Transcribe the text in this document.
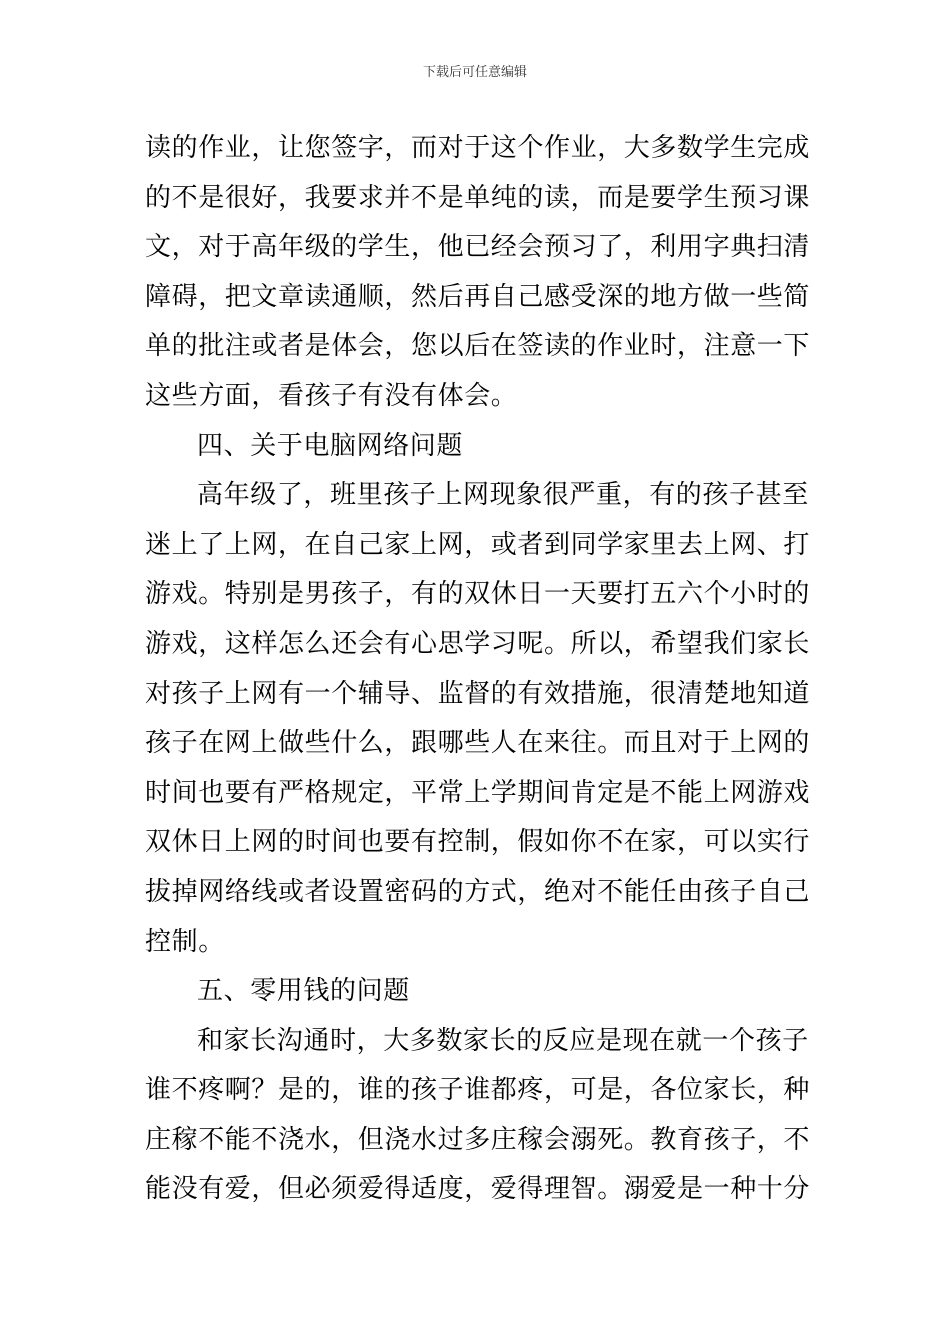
下载后可任意编辑
读的作业，让您签字，而对于这个作业，大多数学生完成
的不是很好，我要求并不是单纯的读，而是要学生预习课
文，对于高年级的学生，他已经会预习了，利用字典扫清
障碍，把文章读通顺，然后再自己感受深的地方做一些简
单的批注或者是体会，您以后在签读的作业时，注意一下
这些方面，看孩子有没有体会。
四、关于电脑网络问题
高年级了，班里孩子上网现象很严重，有的孩子甚至
迷上了上网，在自己家上网，或者到同学家里去上网、打
游戏。特别是男孩子，有的双休日一天要打五六个小时的
游戏，这样怎么还会有心思学习呢。所以，希望我们家长
对孩子上网有一个辅导、监督的有效措施，很清楚地知道
孩子在网上做些什么，跟哪些人在来往。而且对于上网的
时间也要有严格规定，平常上学期间肯定是不能上网游戏
双休日上网的时间也要有控制，假如你不在家，可以实行
拔掉网络线或者设置密码的方式，绝对不能任由孩子自己
控制。
五、零用钱的问题
和家长沟通时，大多数家长的反应是现在就一个孩子
谁不疼啊？是的，谁的孩子谁都疼，可是，各位家长，种
庄稼不能不浇水，但浇水过多庄稼会溺死。教育孩子，不
能没有爱，但必须爱得适度，爱得理智。溺爱是一种十分
